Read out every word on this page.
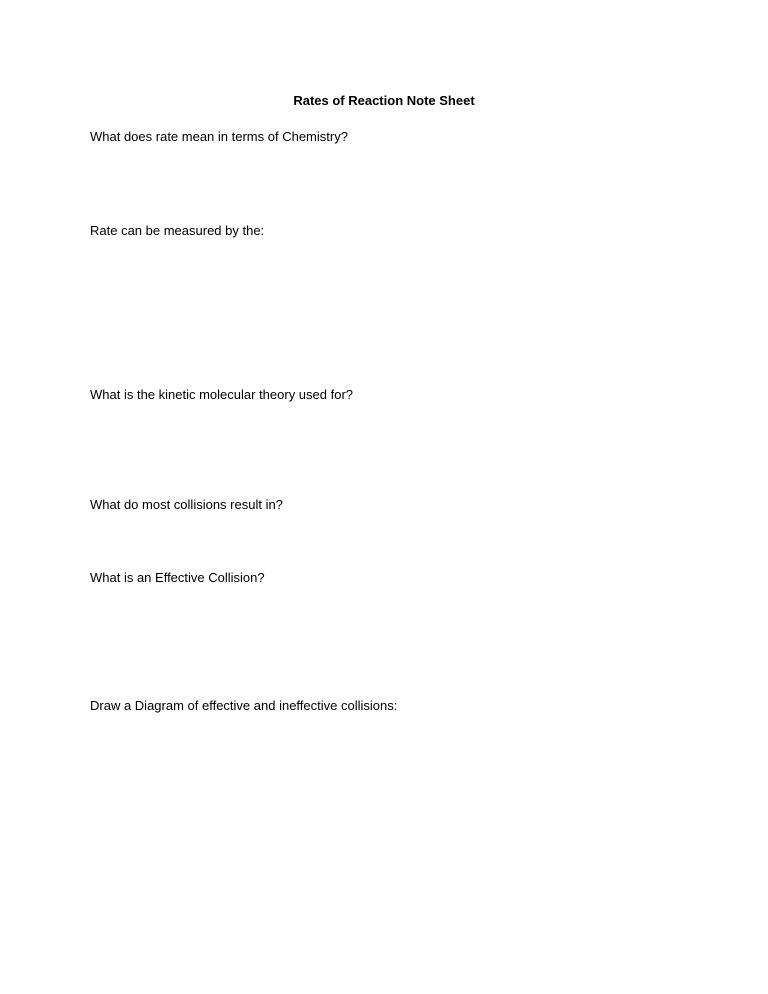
Rates of Reaction Note Sheet
What does rate mean in terms of Chemistry?
Rate can be measured by the:
What is the kinetic molecular theory used for?
What do most collisions result in?
What is an Effective Collision?
Draw a Diagram of effective and ineffective collisions:
